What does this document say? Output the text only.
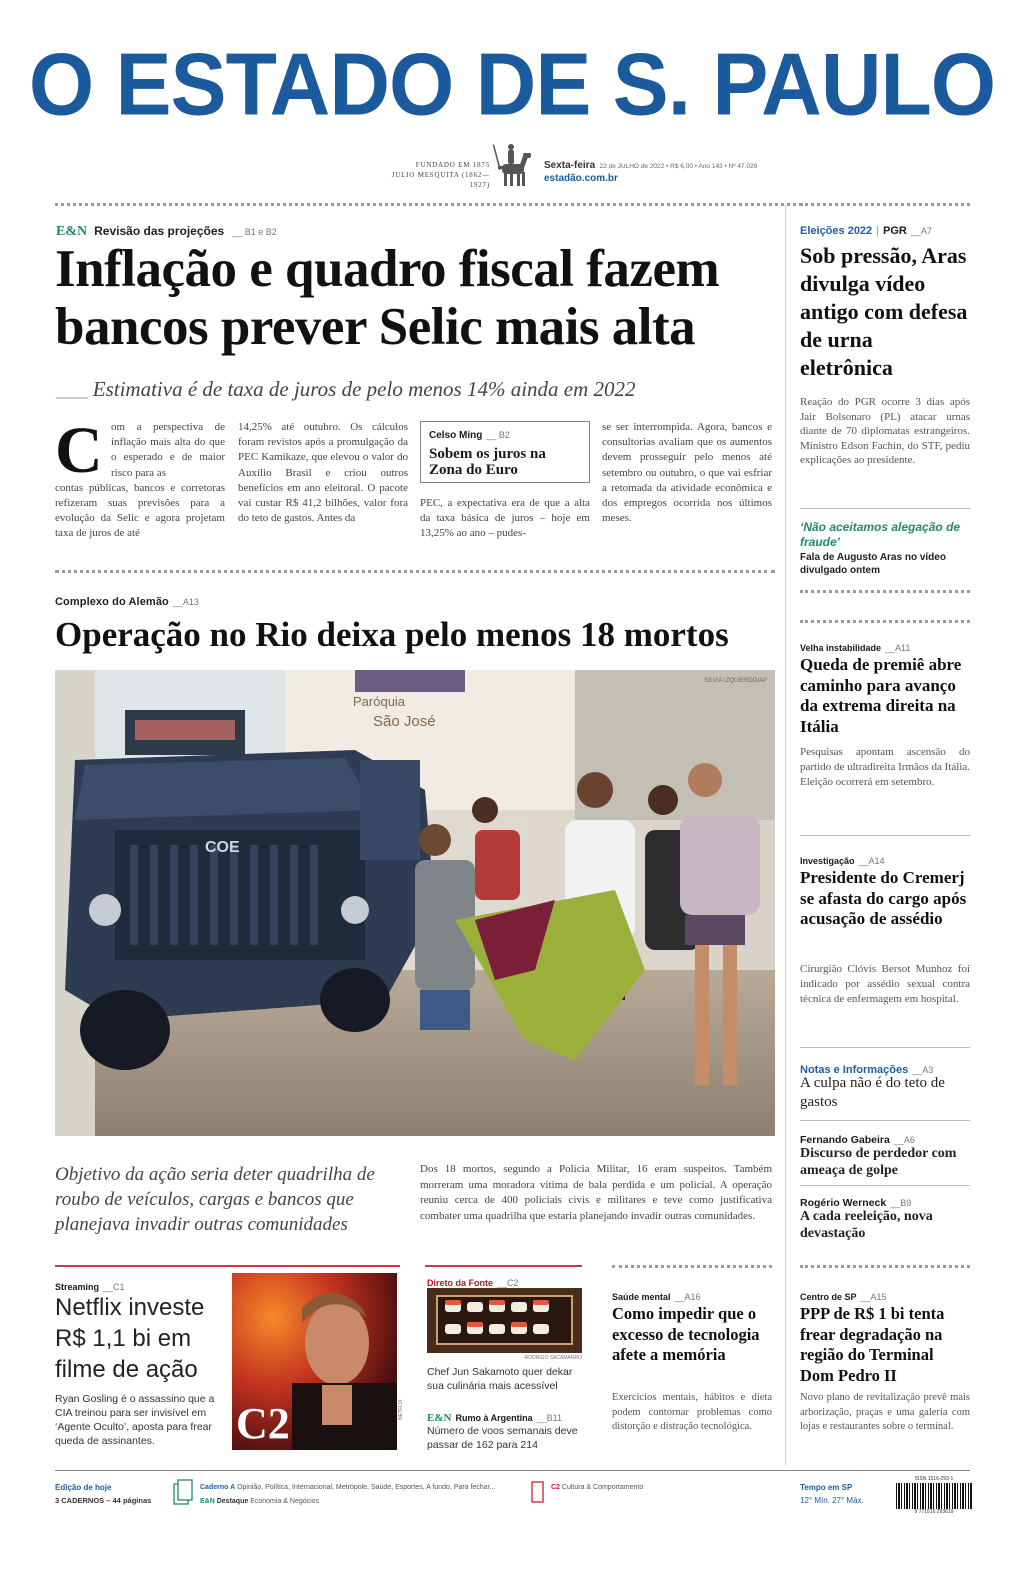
O ESTADO DE S. PAULO
FUNDADO EM 1875
JULIO MESQUITA (1862—1927)
Sexta-feira 22 de JULHO de 2022 • R$ 6,00 • Ano 143 • Nº 47.029
estadão.com.br
E&N Revisão das projeções __ B1 e B2
Inflação e quadro fiscal fazem
bancos prever Selic mais alta
___ Estimativa é de taxa de juros de pelo menos 14% ainda em 2022
C om a perspectiva de inflação mais alta do que o esperado e de maior risco para as
contas públicas, bancos e corretoras refizeram suas previsões para a evolução da Selic e agora projetam taxa de juros de até
14,25% até outubro. Os cálculos foram revistos após a promulgação da PEC Kamikaze, que elevou o valor do Auxílio Brasil e criou outros benefícios em ano eleitoral. O pacote vai custar R$ 41,2 bilhões, valor fora do teto de gastos. Antes da
Celso Ming __ B2
Sobem os juros na Zona do Euro
PEC, a expectativa era de que a alta da taxa básica de juros – hoje em 13,25% ao ano – pudes-
se ser interrompida. Agora, bancos e consultorias avaliam que os aumentos devem prosseguir pelo menos até setembro ou outubro, o que vai esfriar a retomada da atividade econômica e dos empregos ocorrida nos últimos meses.
Eleições 2022 | PGR __A7
Sob pressão, Aras divulga vídeo antigo com defesa de urna eletrônica
Reação do PGR ocorre 3 dias após Jair Bolsonaro (PL) atacar urnas diante de 70 diplomatas estrangeiros. Ministro Edson Fachin, do STF, pediu explicações ao presidente.
‘Não aceitamos alegação de fraude’
Fala de Augusto Aras no vídeo divulgado ontem
Complexo do Alemão __A13
Operação no Rio deixa pelo menos 18 mortos
Paróquia
São José
COE
SILVIA IZQUIERDO/AP
Objetivo da ação seria deter quadrilha de roubo de veículos, cargas e bancos que planejava invadir outras comunidades
Dos 18 mortos, segundo a Polícia Militar, 16 eram suspeitos. Também morreram uma moradora vítima de bala perdida e um policial. A operação reuniu cerca de 400 policiais civis e militares e teve como justificativa combater uma quadrilha que estaria planejando invadir outras comunidades.
Velha instabilidade __A11
Queda de premiê abre caminho para avanço da extrema direita na Itália
Pesquisas apontam ascensão do partido de ultradireita Irmãos da Itália. Eleição ocorrerá em setembro.
Investigação __A14
Presidente do Cremerj se afasta do cargo após acusação de assédio
Cirurgião Clóvis Bersot Munhoz foi indicado por assédio sexual contra técnica de enfermagem em hospital.
Notas e Informações __A3
A culpa não é do teto de gastos
Fernando Gabeira __A6
Discurso de perdedor com ameaça de golpe
Rogério Werneck __B9
A cada reeleição, nova devastação
Streaming __C1
Netflix investe R$ 1,1 bi em filme de ação
Ryan Gosling é o assassino que a CIA treinou para ser invisível em ‘Agente Oculto’, aposta para frear queda de assinantes.	C2	NETFLIX
Direto da Fonte __C2
RODRIGO SACAMARRO
Chef Jun Sakamoto quer dekar sua culinária mais acessível
E&N Rumo à Argentina __B11
Número de voos semanais deve passar de 162 para 214
Saúde mental __A16
Como impedir que o excesso de tecnologia afete a memória
Exercícios mentais, hábitos e dieta podem contornar problemas como distorção e distração tecnológica.
Centro de SP __A15
PPP de R$ 1 bi tenta frear degradação na região do Terminal Dom Pedro II
Novo plano de revitalização prevê mais arborização, praças e uma galeria com lojas e restaurantes sobre o terminal.
Edição de hoje
3 CADERNOS – 44 páginas
Caderno A Opinião, Política, Internacional, Metrópole, Saúde, Esportes, A fundo, Para fechar...
E&N Destaque Economia & Negócios
C2 Cultura & Comportamento	Tempo em SP
12° Mín. 27° Máx.
ISSN 1516-293-1
9 771516 293619
